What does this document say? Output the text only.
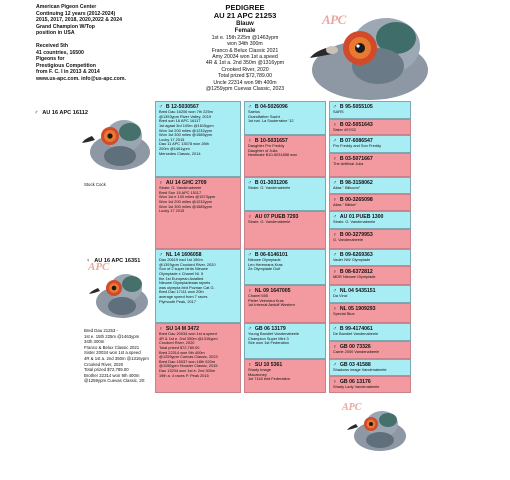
American Pigeon Center
Continuing 12 years (2012-2024)
2015, 2017, 2018, 2020,2022 & 2024
Grand Champion W/Top
position in USA
Received 5th
41 countries, 16500
Pigeons for
Prestigious Competition
from F. C. I in 2013 & 2014
www.us-apc.com. info@us-apc.com.
PEDIGREE
AU 21 APC 21253
Blauw
Female
1st e. 15th 225m @1463ypm
won 34th 300m
Franco & Belux Classic 2021
Amy 20034 won 1st a.speed
4R & 1st a. 2nd 350m @1316ypm
Crooked River, 2020
Total prized $72,789.00
Uncle 22314 won 9th 400m
@1259ypm Cuevas Classic, 2023
APC
♂ AU 16 APC 16112
Stock Cock
♀ AU 16 APC 16351
APC
Bred Dau 21253 -
1st e. 15th 225m @1463ypm
34th 300m
Franco & Belux Classic 2021
Sister 20034 won 1st a.speed
4R & 1st a. 2nd 350m @1316ypm
Crooked River, 2020
Total prized $72,789.00
Brother 22314 won 9th 400m
@1259ypm Cuevas Classic, 20:
♂ B 12-5030567
Bred Dau 16206 won 7th 225m
@1393ypm River Valley, 2019
Bred son 16 APC 16117
1st agaat 3rd 100m @1615ypm
Won 1st 200 miles @1232ypm
Won 1st 300 miles @1585ypm
Lucky 17 2015
Dau 11 APC 13578 won 26th
200m @1461ypm
Mercedes Classic, 2014
♀ AU 14 GHC 2709
Strain: G. Vandenabeele
Bred Son 15 APC 15117
Won 1st e 100 miles @1573ypm
Won 1st 200 miles @1232ypm
Won 1st 300 miles @1585ypm
Lucky 17 2015
♂ NL 14 1606058
Dau 20619 had 1st 150m
@1393ypm Crooked River, 2020
Son of 2 super birds Nieuwe
Olympiade x Chanel Nl. 5
the 1st European Asiatled
Nieuwe Olympiadeaas styrels
was olympia bird Poznan Cat G.
Bred Dau 17111 won 20th
average speed from 7 races
Plymouth Peak, 2017
♀ SU 14 M 3472
Bred Dau 20034 won 1st a.speed
4R & 1st e. 2nd 350m @1316ypm
Crooked River, 2020
Total prized $72,789.00
Bred 22314 won 9th 400m
@1259ypm Cuevas Classic, 2023
Bred Dau 15037 won 18th 520m
@1150ypm Hoosier Classic, 2015
Dau 13204 won 1st e. 2nd 300m
19th a. 4 races P. Peak 2015
♂ B 04-5026096
Saelus
Grandfather Sacht
1st nat. La Souterraine '12
♀ B 10-5031657
Daughter Pro Freddy
Daughter of Julia
Nestmate B10-5031658 won
♂ B 01-3031206
Strain: G. Vandenabeele
♀ AU 07 PUEB 7293
Strain: G. Vandenabeele
♂ B 06-6146101
Nieuwe Olympiade
Leo Heremans Kras
Ze Olympiade Duif
♀ NL 09 1647005
Chanel 555
Pieter Veenstra Kras
1st Internat Aeduff Western
♂ GB 06 13179
Young Bandiet Vandenabeele
Champion Super Mini 3
Sire won 1st Federation
♀ SU 10 5361
Shady Image
Macaloney
1st 7118 bird Federation
♂ B 95-5055105
SARS
♀ B 02-5051643
Sister 497/02
♂ B 07-6086547
Pro Freddy and Son Freddy
♀ B 03-5071667
The Artificial Julia
♂ B 98-3158062
Alias " Blikoom"
♀ B 00-3265098
Alias " Blikke"
♂ AU 01 PUEB 1300
Strain: G. Vandenabeele
♀ B 00-3279953
G. Vandenabeele
♂ B 09-6269363
Vader NW Olympiade
♀ B 08-6372812
MDR Nieuwe Olympiade
♂ NL 04 5435151
Da Vinci
♀ NL 05 1909293
Special Blue
♂ B 99-4174061
De Bandiet Vandenabeele
♀ GB 00 73326
Carrie 2000 Vandenabeele
♂ GB 03 41588
Shadows image Vandenabeele
♀ GB 06 13176
Shady Lady Vandenabeele
APC
